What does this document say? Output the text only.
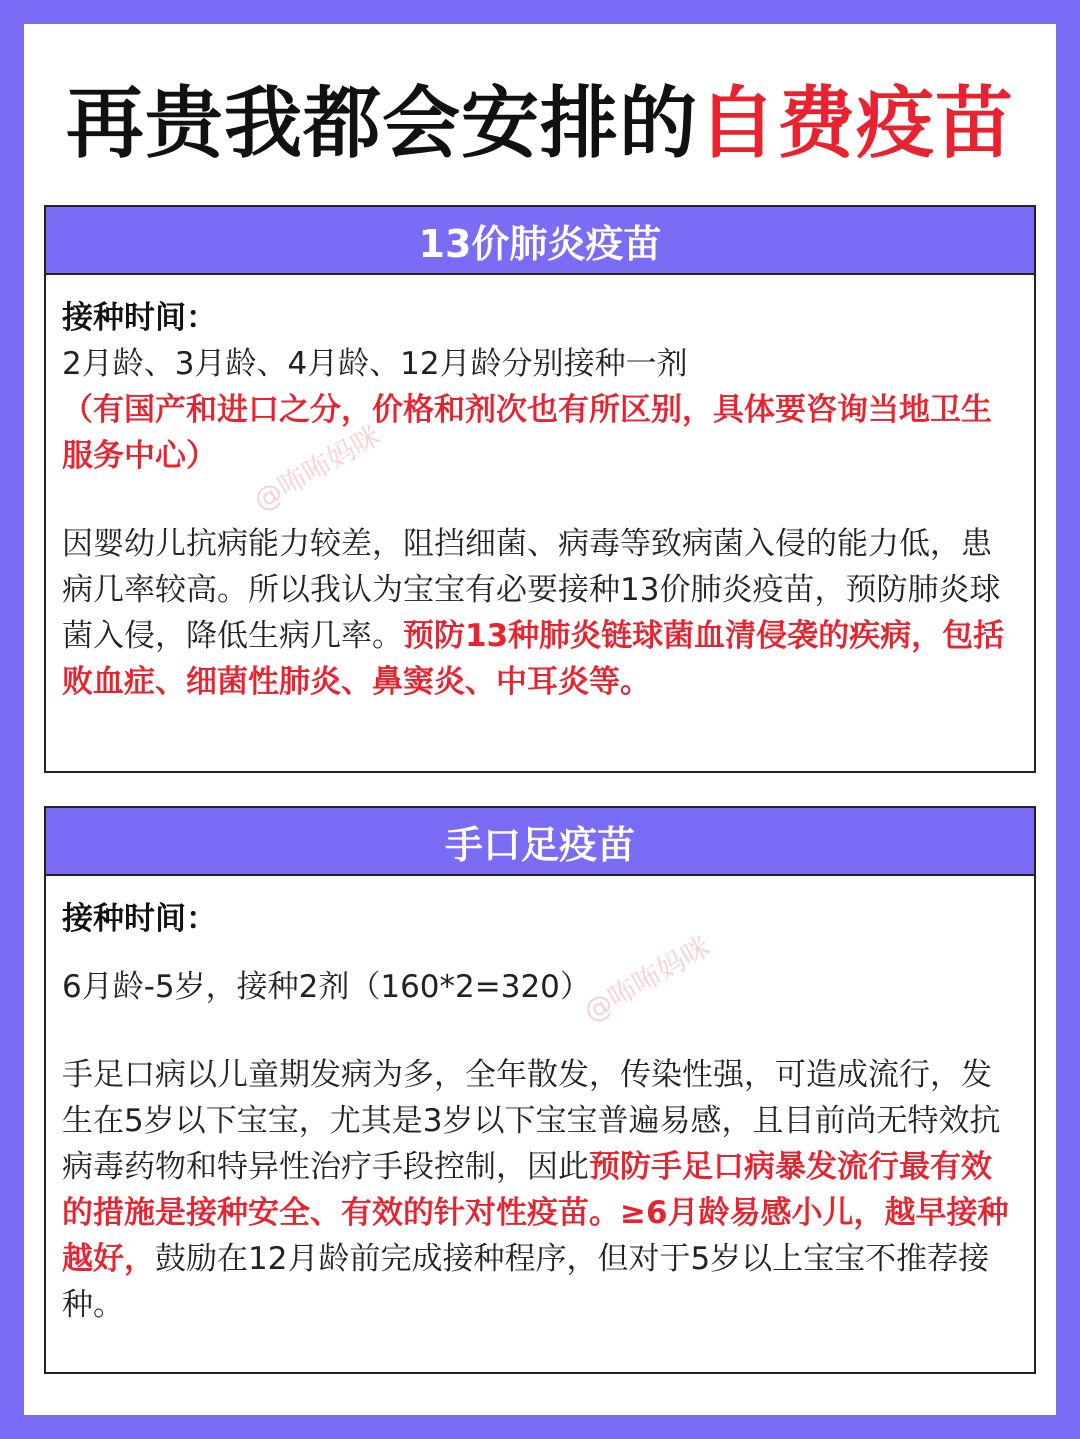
再贵我都会安排的自费疫苗
13价肺炎疫苗
接种时间：
2月龄、3月龄、4月龄、12月龄分别接种一剂
（有国产和进口之分，价格和剂次也有所区别，具体要咨询当地卫生服务中心）
因婴幼儿抗病能力较差，阻挡细菌、病毒等致病菌入侵的能力低，患病几率较高。所以我认为宝宝有必要接种13价肺炎疫苗，预防肺炎球菌入侵，降低生病几率。预防13种肺炎链球菌血清侵袭的疾病，包括败血症、细菌性肺炎、鼻窦炎、中耳炎等。
@咘咘妈咪
手口足疫苗
接种时间：
6月龄-5岁，接种2剂（160*2=320）
手足口病以儿童期发病为多，全年散发，传染性强，可造成流行，发生在5岁以下宝宝，尤其是3岁以下宝宝普遍易感，且目前尚无特效抗病毒药物和特异性治疗手段控制，因此预防手足口病暴发流行最有效的措施是接种安全、有效的针对性疫苗。≥6月龄易感小儿，越早接种越好，鼓励在12月龄前完成接种程序，但对于5岁以上宝宝不推荐接种。
@咘咘妈咪
